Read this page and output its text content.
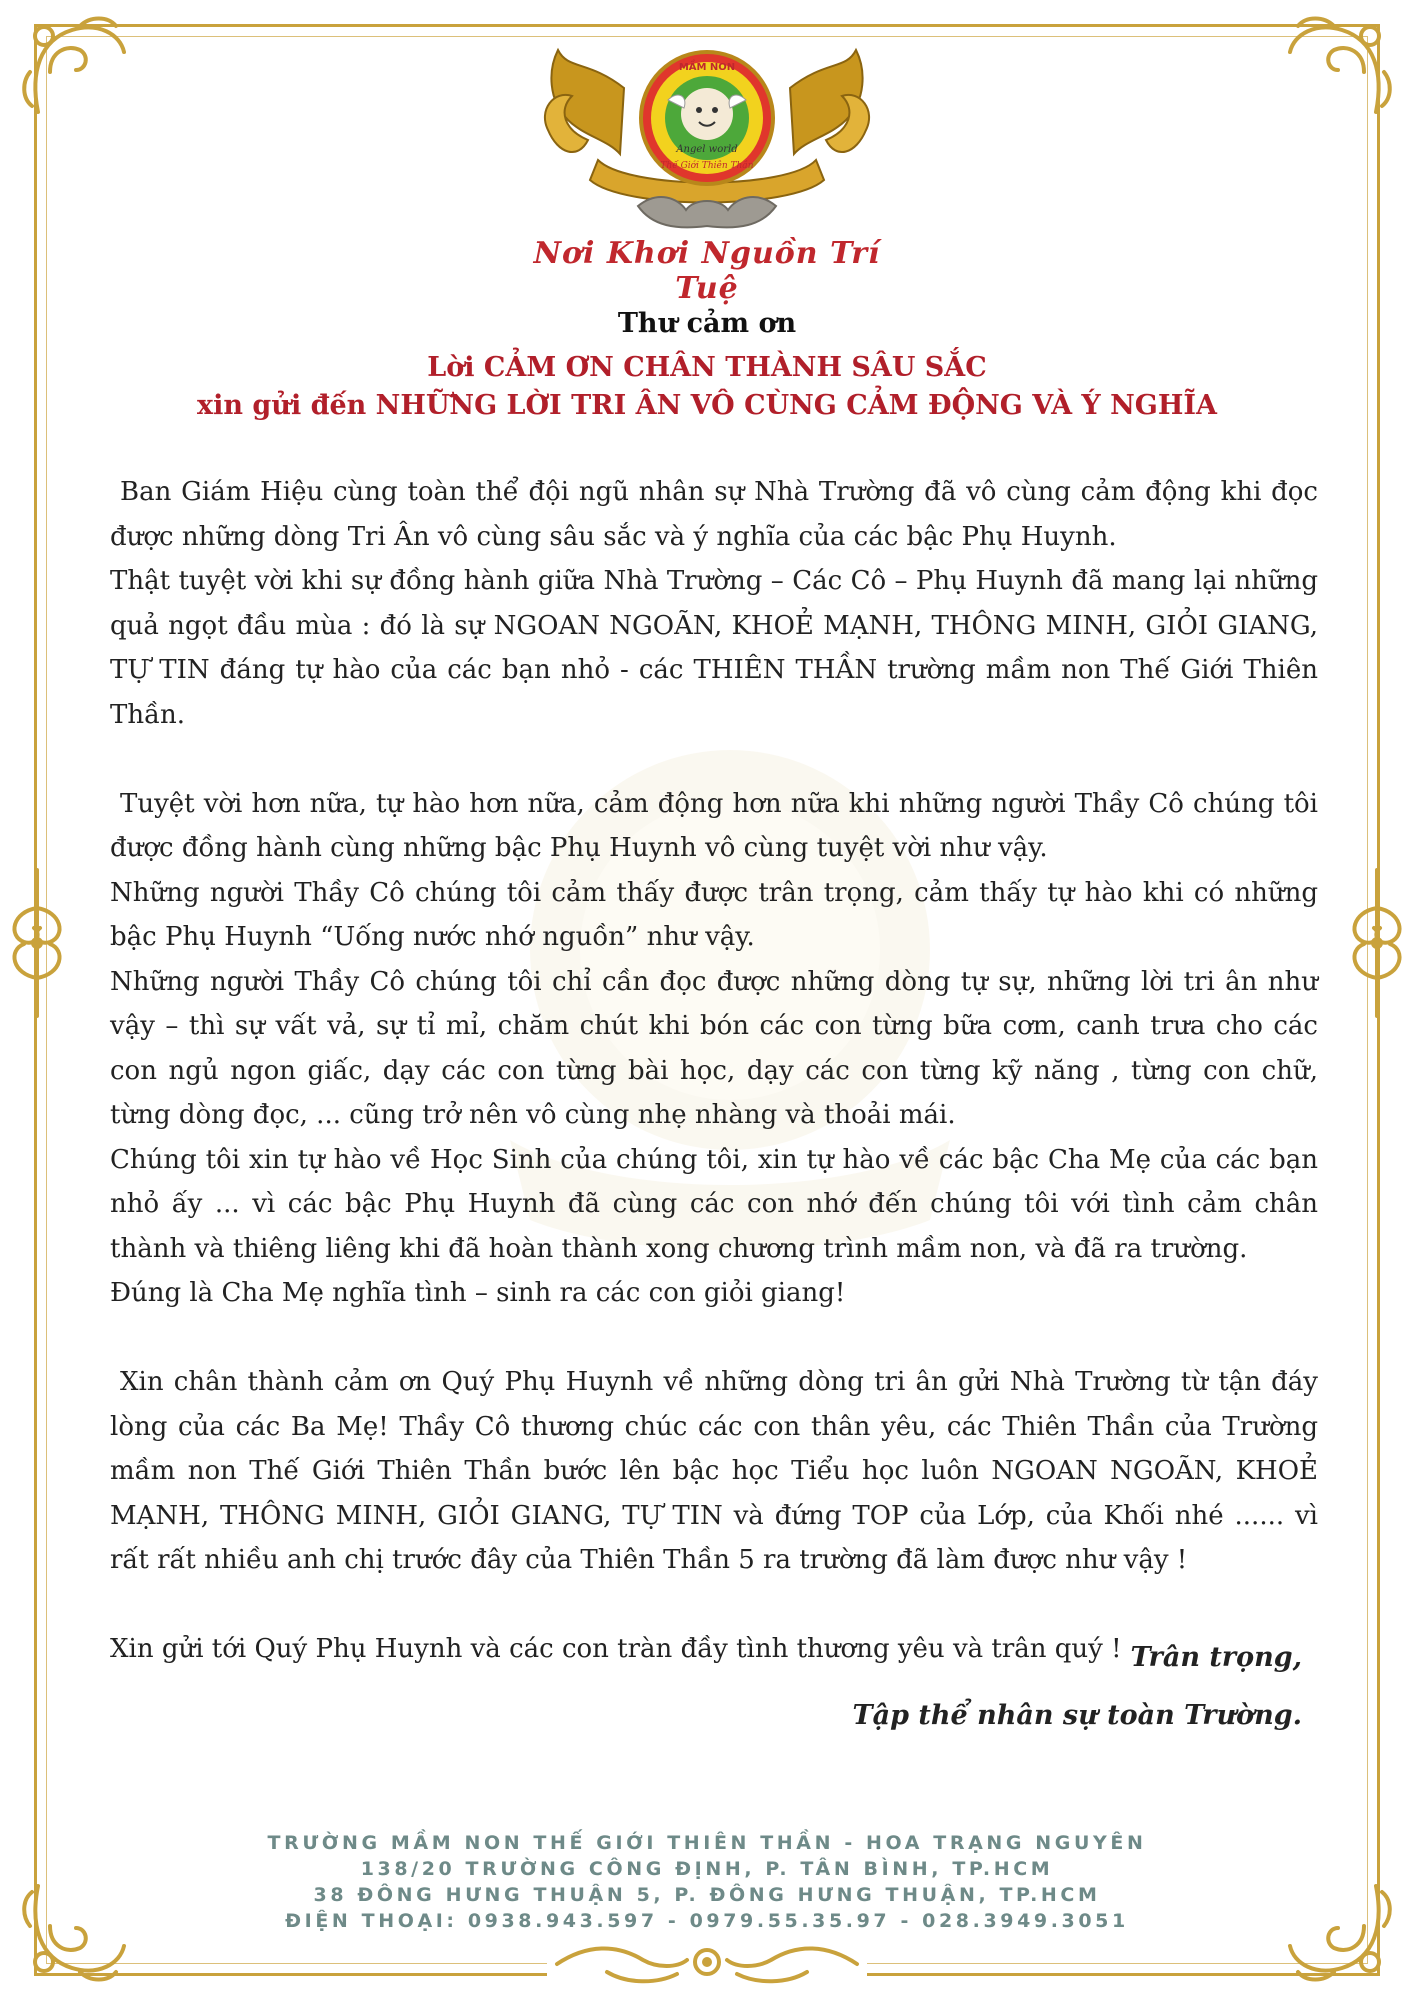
MẦM NON
Angel world
Thế Giới Thiên Thần
Nơi Khơi Nguồn Trí Tuệ
Thư cảm ơn
Lời CẢM ƠN CHÂN THÀNH SÂU SẮC
xin gửi đến NHỮNG LỜI TRI ÂN VÔ CÙNG CẢM ĐỘNG VÀ Ý NGHĨA

Ban Giám Hiệu cùng toàn thể đội ngũ nhân sự Nhà Trường đã vô cùng cảm động khi đọc được những dòng Tri Ân vô cùng sâu sắc và ý nghĩa của các bậc Phụ Huynh.

Thật tuyệt vời khi sự đồng hành giữa Nhà Trường – Các Cô – Phụ Huynh đã mang lại những quả ngọt đầu mùa : đó là sự NGOAN NGOÃN, KHOẺ MẠNH, THÔNG MINH, GIỎI GIANG, TỰ TIN đáng tự hào của các bạn nhỏ - các THIÊN THẦN trường mầm non Thế Giới Thiên Thần.

Tuyệt vời hơn nữa, tự hào hơn nữa, cảm động hơn nữa khi những người Thầy Cô chúng tôi được đồng hành cùng những bậc Phụ Huynh vô cùng tuyệt vời như vậy.

Những người Thầy Cô chúng tôi cảm thấy được trân trọng, cảm thấy tự hào khi có những bậc Phụ Huynh “Uống nước nhớ nguồn” như vậy.

Những người Thầy Cô chúng tôi chỉ cần đọc được những dòng tự sự, những lời tri ân như vậy – thì sự vất vả, sự tỉ mỉ, chăm chút khi bón các con từng bữa cơm, canh trưa cho các con ngủ ngon giấc, dạy các con từng bài học, dạy các con từng kỹ năng , từng con chữ, từng dòng đọc, ... cũng trở nên vô cùng nhẹ nhàng và thoải mái.

Chúng tôi xin tự hào về Học Sinh của chúng tôi, xin tự hào về các bậc Cha Mẹ của các bạn nhỏ ấy ... vì các bậc Phụ Huynh đã cùng các con nhớ đến chúng tôi với tình cảm chân thành và thiêng liêng khi đã hoàn thành xong chương trình mầm non, và đã ra trường.

Đúng là Cha Mẹ nghĩa tình – sinh ra các con giỏi giang!

Xin chân thành cảm ơn Quý Phụ Huynh về những dòng tri ân gửi Nhà Trường từ tận đáy lòng của các Ba Mẹ! Thầy Cô thương chúc các con thân yêu, các Thiên Thần của Trường mầm non Thế Giới Thiên Thần bước lên bậc học Tiểu học luôn NGOAN NGOÃN, KHOẺ MẠNH, THÔNG MINH, GIỎI GIANG, TỰ TIN và đứng TOP của Lớp, của Khối nhé ...... vì rất rất nhiều anh chị trước đây của Thiên Thần 5 ra trường đã làm được như vậy !

Xin gửi tới Quý Phụ Huynh và các con tràn đầy tình thương yêu và trân quý ! Trân trọng,
Tập thể nhân sự toàn Trường.
TRƯỜNG MẦM NON THẾ GIỚI THIÊN THẦN - HOA TRẠNG NGUYÊN
138/20 TRƯỜNG CÔNG ĐỊNH, P. TÂN BÌNH, TP.HCM
38 ĐÔNG HƯNG THUẬN 5, P. ĐÔNG HƯNG THUẬN, TP.HCM
ĐIỆN THOẠI: 0938.943.597 - 0979.55.35.97 - 028.3949.3051
